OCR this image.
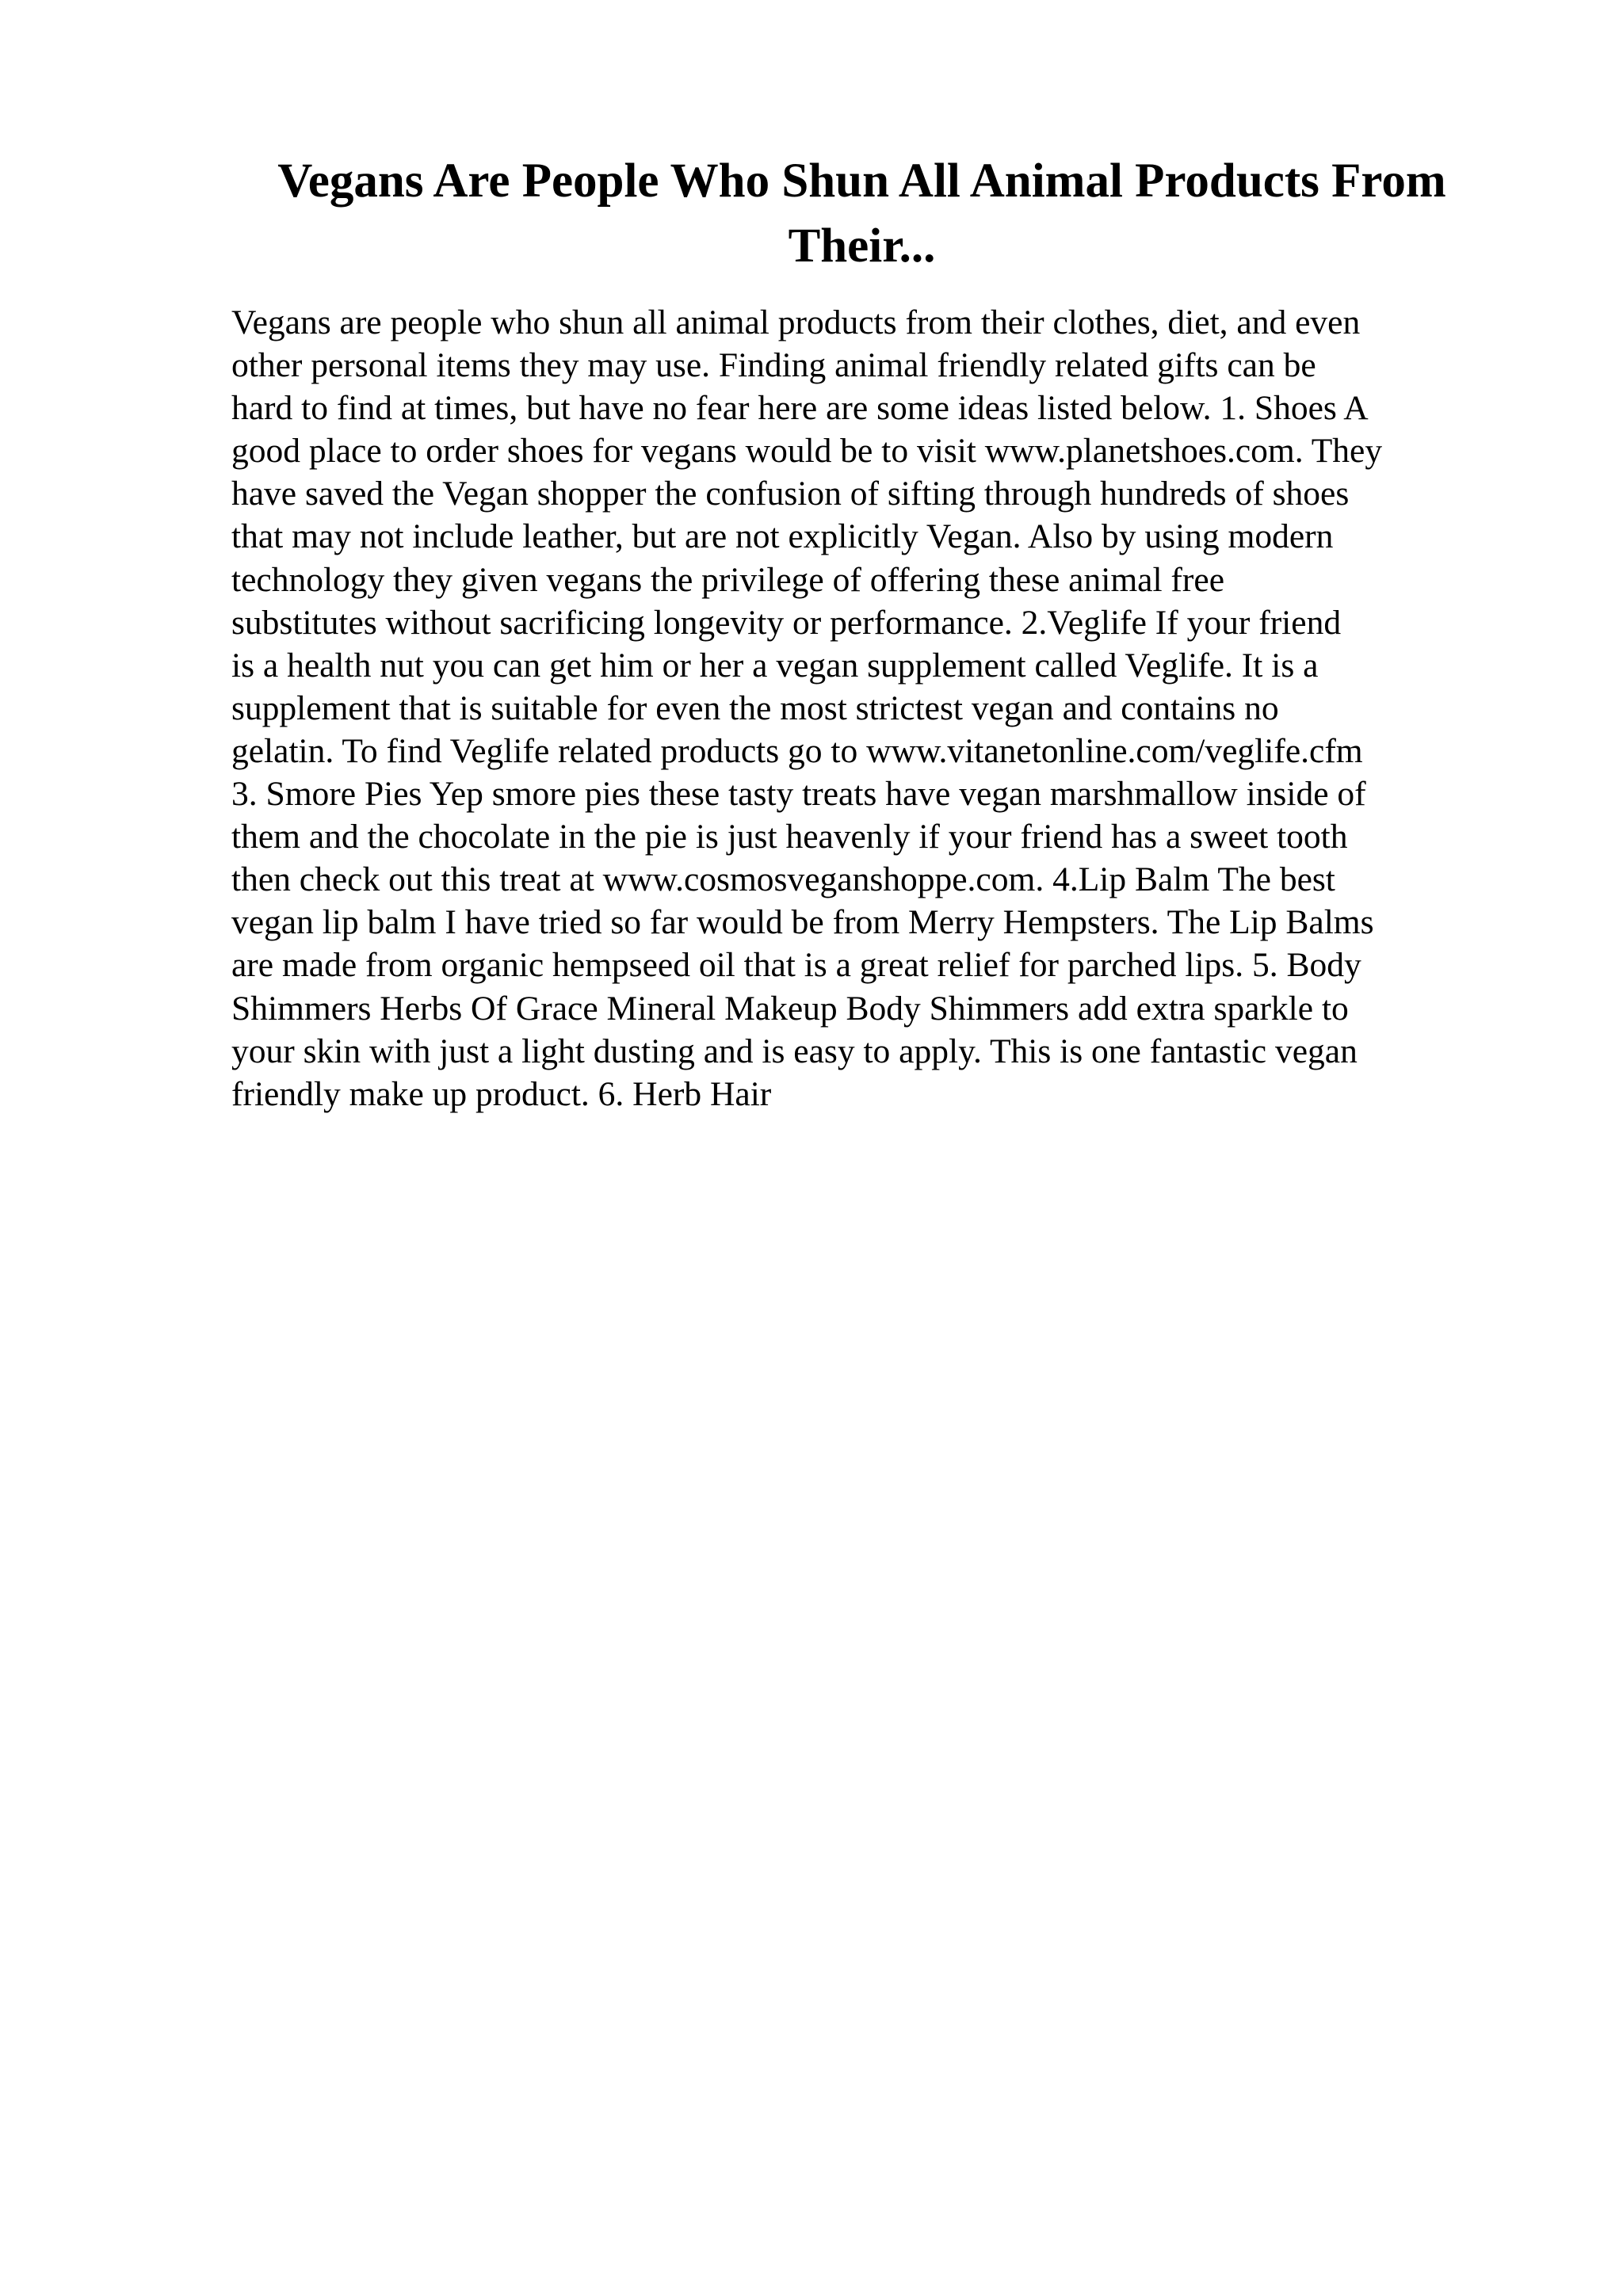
Vegans Are People Who Shun All Animal Products From
Their...
Vegans are people who shun all animal products from their clothes, diet, and even
other personal items they may use. Finding animal friendly related gifts can be
hard to find at times, but have no fear here are some ideas listed below. 1. Shoes A
good place to order shoes for vegans would be to visit www.planetshoes.com. They
have saved the Vegan shopper the confusion of sifting through hundreds of shoes
that may not include leather, but are not explicitly Vegan. Also by using modern
technology they given vegans the privilege of offering these animal free
substitutes without sacrificing longevity or performance. 2.Veglife If your friend
is a health nut you can get him or her a vegan supplement called Veglife. It is a
supplement that is suitable for even the most strictest vegan and contains no
gelatin. To find Veglife related products go to www.vitanetonline.com/veglife.cfm
3. Smore Pies Yep smore pies these tasty treats have vegan marshmallow inside of
them and the chocolate in the pie is just heavenly if your friend has a sweet tooth
then check out this treat at www.cosmosveganshoppe.com. 4.Lip Balm The best
vegan lip balm I have tried so far would be from Merry Hempsters. The Lip Balms
are made from organic hempseed oil that is a great relief for parched lips. 5. Body
Shimmers Herbs Of Grace Mineral Makeup Body Shimmers add extra sparkle to
your skin with just a light dusting and is easy to apply. This is one fantastic vegan
friendly make up product. 6. Herb Hair
